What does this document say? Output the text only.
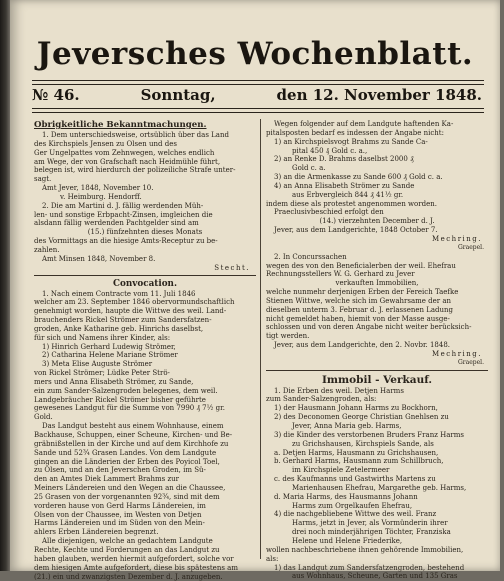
Jeversches Wochenblatt.
№ 46.	Sonntag,	den 12. November 1848.
Obrigkeitliche Bekanntmachungen.
1. Dem unterschiedsweise, ortsüblich über das Land
des Kirchspiels Jensen zu Olsen und des
Ger Ungelpattes vom Zehnwegen, welches endlich
am Wege, der von Grafschaft nach Heidmühle führt,
belegen ist, wird hierdurch der polizeiliche Strafe unter-
sagt.
Amt Jever, 1848, November 10.
v. Heimburg. Hendorff.
2. Die am Martini d. J. fällig werdenden Müh-
len- und sonstige Erbpacht-Zinsen, imgleichen die
alsdann fällig werdenden Pachtgelder sind am
(15.) fünfzehnten dieses Monats
des Vormittags an die hiesige Amts-Receptur zu be-
zahlen.
Amt Minsen 1848, November 8.
Stecht.
Convocation.
1. Nach einem Contracte vom 11. Juli 1846
welcher am 23. September 1846 obervormundschaftlich
genehmigt worden, haupte die Wittwe des weil. Land-
brauchenders Rickel Strömer zum Sandersfatzen-
groden, Anke Katharine geb. Hinrichs daselbst,
für sich und Namens ihrer Kinder, als:
1) Hinrich Gerhard Ludewig Strömer,
2) Catharina Helene Mariane Strömer
3) Meta Elise Auguste Strömer
von Rickel Strömer; Lüdke Peter Strö-
mers und Anna Elisabeth Strömer, zu Sande,
ein zum Sander-Salzengroden belegenes, dem weil.
Landgebräucher Rickel Strömer bisher geführte
gewesenes Landgut für die Summe von 7990 ₰ 7½ gr.
Gold.
Das Landgut besteht aus einem Wohnhause, einem
Backhause, Schuppen, einer Scheune, Kirchen- und Be-
gräbnißstellen in der Kirche und auf dem Kirchhofe zu
Sande und 52¾ Grasen Landes. Von dem Landgute
gingen an die Länderien der Erben des Poyicol Toel,
zu Olsen, und an den Jeverschen Groden, im Sü-
den an Amtes Diek Lammert Brahms zur
Meiners Ländereien und den Wegen an die Chaussee,
25 Grasen von der vorgenannten 92¾, sind mit dem
vorderen hause von Gerd Harms Ländereien, im
Olsen von der Chaussee, im Westen von Detjen
Harms Ländereien und im Süden von den Mein-
ahlers Erben Ländereien begrenzt.
Alle diejenigen, welche an gedachtem Landgute
Rechte, Kechte und Forderungen an das Landgut zu
haben glauben, werden hiermit aufgefordert, solche vor
dem hiesigen Amte aufgefordert, diese bis spätestens am
(21.) ein und zwanzigsten Dezember d. J. anzugeben.
Wegen folgender auf dem Landgute haftenden Ka-
pitalsposten bedarf es indessen der Angabe nicht:
1) an Kirchspielsvogt Brahms zu Sande Ca-
pital 450 ₰ Gold c. a.,
2) an Renke D. Brahms daselbst 2000 ₰
Gold c. a.
3) an die Armenkasse zu Sande 600 ₰ Gold c. a.
4) an Anna Elisabeth Strömer zu Sande
aus Erbvergleich 844 ₰ 41½ gr.
indem diese als protestet angenommen worden.
Praeclusivbeschied erfolgt den
(14.) vierzehnten December d. J.
Jever, aus dem Landgerichte, 1848 October 7.
Mechring.
Graepel.
2. In Concurssachen
wegen des von den Beneficialerben der weil. Ehefrau
Rechnungsstellers W. G. Gerhard zu Jever
verkauften Immobilien,
welche nunmehr derjenigen Erben der Fereich Taefke
Stienen Wittwe, welche sich im Gewahrsame der an
dieselben unterm 3. Februar d. J. erlassenen Ladung
nicht gemeldet haben, hiemit von der Masse ausge-
schlossen und von deren Angabe nicht weiter berücksich-
tigt werden.
Jever, aus dem Landgerichte, den 2. Novbr. 1848.
Mechring.
Graepel.
Immobil - Verkauf.
1. Die Erben des weil. Detjen Harms
zum Sander-Salzengroden, als:
1) der Hausmann Johann Harms zu Bockhorn,
2) des Deconomen George Christian Gnehlsen zu
Jever, Anna Maria geb. Harms,
3) die Kinder des verstorbenen Bruders Franz Harms
zu Grichshausen, Kirchspiels Sande, als
a. Detjen Harms, Hausmann zu Grichshausen,
b. Gerhard Harms, Hausmann zum Schillbruch,
im Kirchspiele Zetelermeer
c. des Kaufmanns und Gastwirths Martens zu
Marienhausen Ehefrau, Margarethe geb. Harms,
d. Maria Harms, des Hausmanns Johann
Harms zum Orgelkaufen Ehefrau,
4) die nachgebliebene Wittwe des weil. Franz
Harms, jetzt in Jever, als Vormünderin ihrer
drei noch minderjährigen Töchter, Franziska
Helene und Helene Friederike,
wollen nachbeschriebene ihnen gehörende Immobilien,
als:
1) das Landgut zum Sandersfatzengroden, bestehend
aus Wohnhaus, Scheune, Garten und 135 Gras
